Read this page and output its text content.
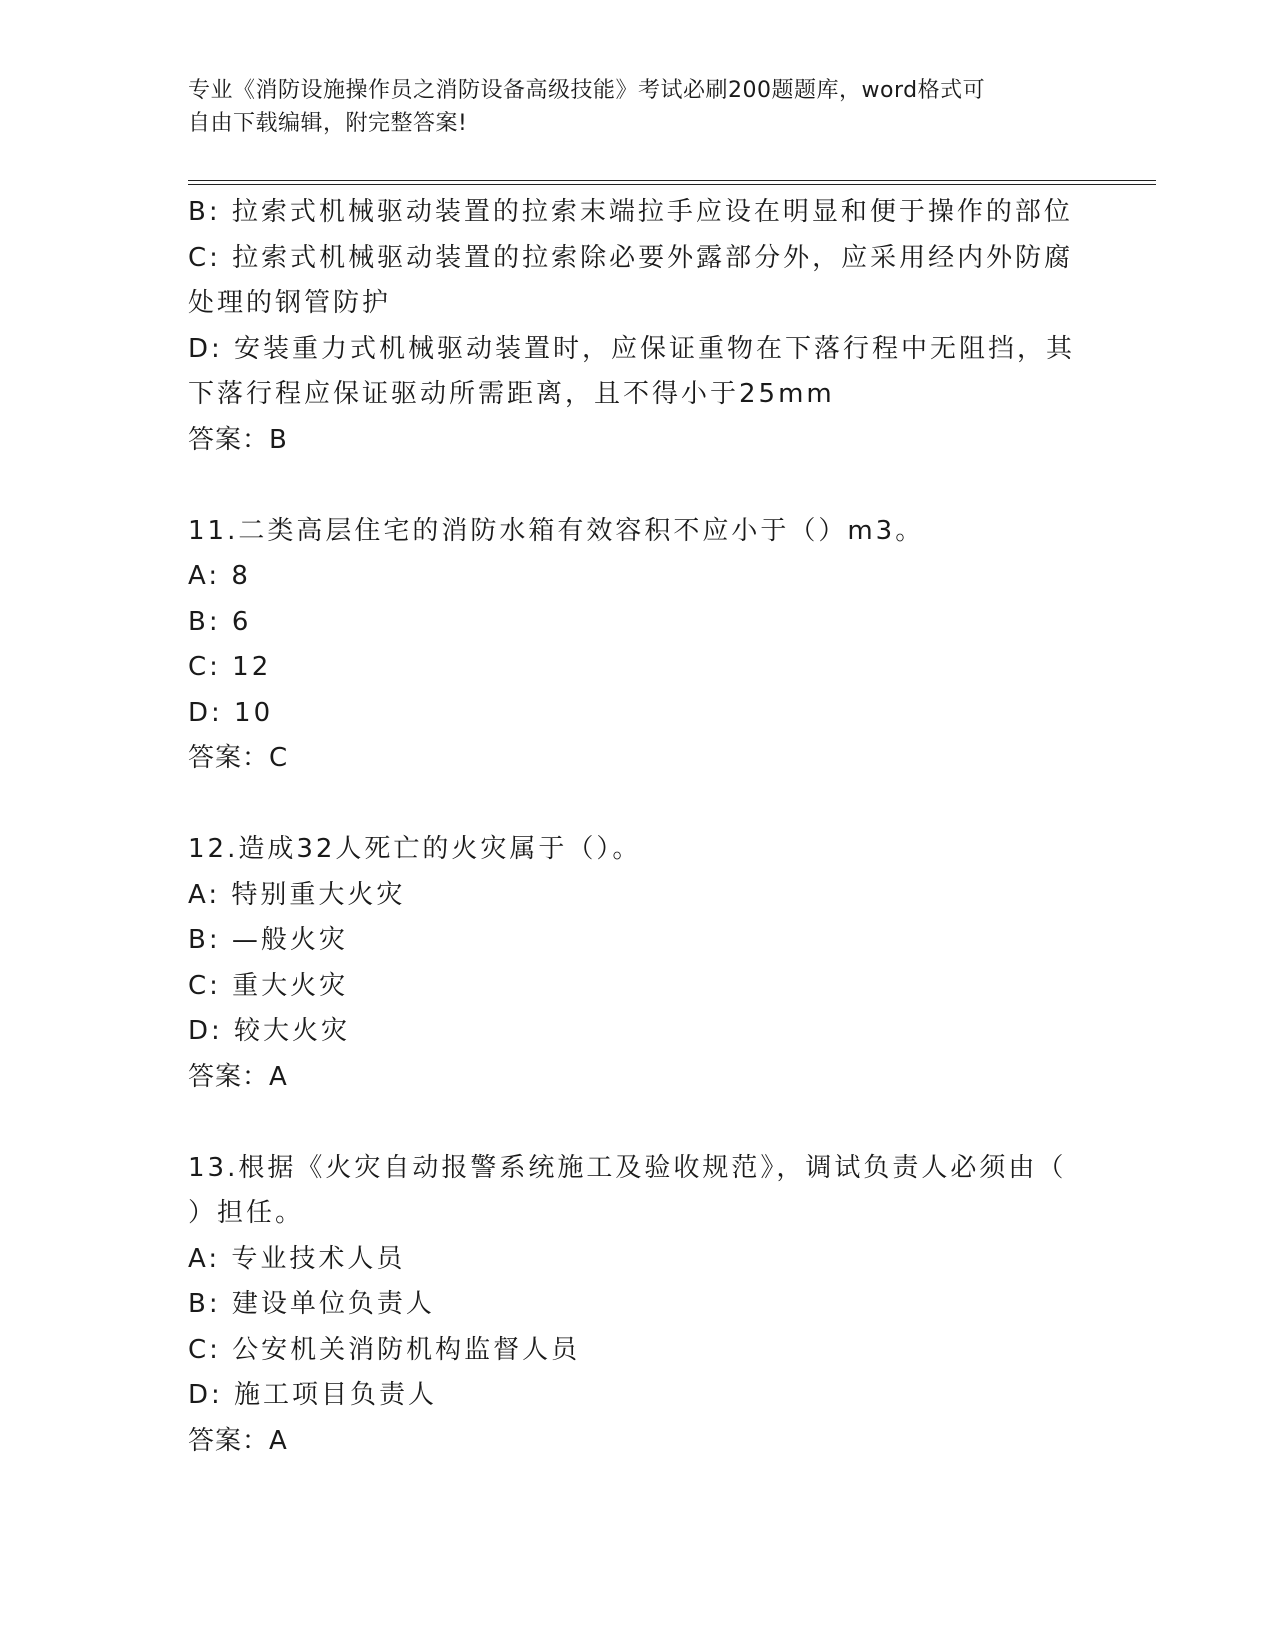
专业《消防设施操作员之消防设备高级技能》考试必刷200题题库，word格式可
自由下载编辑，附完整答案!
B: 拉索式机械驱动装置的拉索末端拉手应设在明显和便于操作的部位
C: 拉索式机械驱动装置的拉索除必要外露部分外，应采用经内外防腐
处理的钢管防护
D: 安装重力式机械驱动装置时，应保证重物在下落行程中无阻挡，其
下落行程应保证驱动所需距离，且不得小于25mm
答案：B
11.二类高层住宅的消防水箱有效容积不应小于（）m3。
A: 8
B: 6
C: 12
D: 10
答案：C
12.造成32人死亡的火灾属于（）。
A: 特别重大火灾
B: —般火灾
C: 重大火灾
D: 较大火灾
答案：A
13.根据《火灾自动报警系统施工及验收规范》，调试负责人必须由（
）担任。
A: 专业技术人员
B: 建设单位负责人
C: 公安机关消防机构监督人员
D: 施工项目负责人
答案：A
